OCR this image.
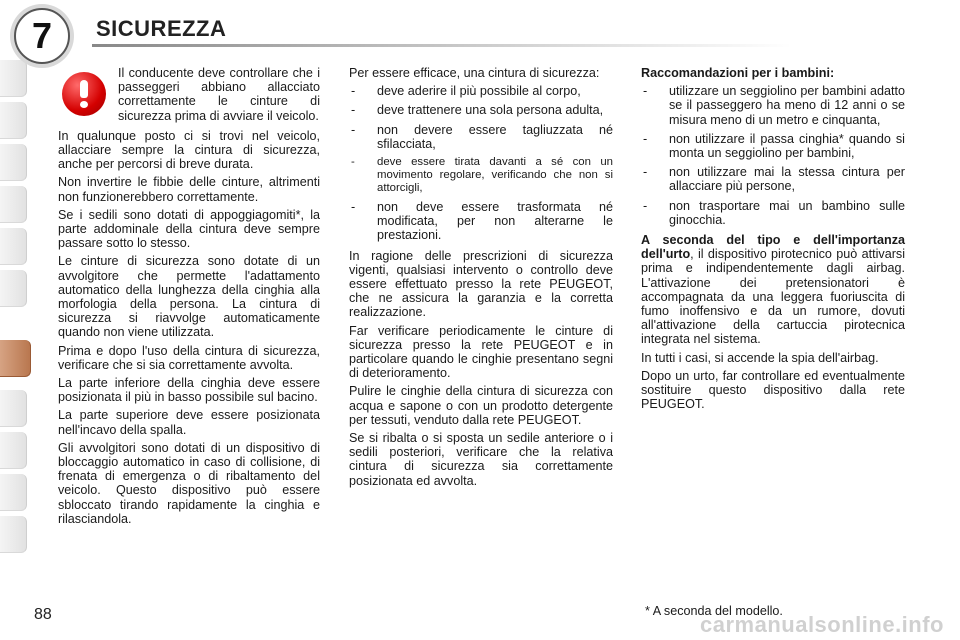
7 SICUREZZA
Il conducente deve controllare che i passeggeri abbiano allacciato correttamente le cinture di sicurezza prima di avviare il veicolo.

In qualunque posto ci si trovi nel veicolo, allacciare sempre la cintura di sicurezza, anche per percorsi di breve durata.

Non invertire le fibbie delle cinture, altrimenti non funzionerebbero correttamente.

Se i sedili sono dotati di appoggiagomiti*, la parte addominale della cintura deve sempre passare sotto lo stesso.

Le cinture di sicurezza sono dotate di un avvolgitore che permette l'adattamento automatico della lunghezza della cinghia alla morfologia della persona. La cintura di sicurezza si riavvolge automaticamente quando non viene utilizzata.

Prima e dopo l'uso della cintura di sicurezza, verificare che si sia correttamente avvolta.

La parte inferiore della cinghia deve essere posizionata il più in basso possibile sul bacino.

La parte superiore deve essere posizionata nell'incavo della spalla.

Gli avvolgitori sono dotati di un dispositivo di bloccaggio automatico in caso di collisione, di frenata di emergenza o di ribaltamento del veicolo. Questo dispositivo può essere sbloccato tirando rapidamente la cinghia e rilasciandola.

Per essere efficace, una cintura di sicurezza:

- deve aderire il più possibile al corpo,
- deve trattenere una sola persona adulta,
- non devere essere tagliuzzata né sfilacciata,
- deve essere tirata davanti a sé con un movimento regolare, verificando che non si attorcigli,
- non deve essere trasformata né modificata, per non alterarne le prestazioni.

In ragione delle prescrizioni di sicurezza vigenti, qualsiasi intervento o controllo deve essere effettuato presso la rete PEUGEOT, che ne assicura la garanzia e la corretta realizzazione.

Far verificare periodicamente le cinture di sicurezza presso la rete PEUGEOT e in particolare quando le cinghie presentano segni di deterioramento.

Pulire le cinghie della cintura di sicurezza con acqua e sapone o con un prodotto detergente per tessuti, venduto dalla rete PEUGEOT.

Se si ribalta o si sposta un sedile anteriore o i sedili posteriori, verificare che la relativa cintura di sicurezza sia correttamente posizionata ed avvolta.

Raccomandazioni per i bambini:

- utilizzare un seggiolino per bambini adatto se il passeggero ha meno di 12 anni o se misura meno di un metro e cinquanta,
- non utilizzare il passa cinghia* quando si monta un seggiolino per bambini,
- non utilizzare mai la stessa cintura per allacciare più persone,
- non trasportare mai un bambino sulle ginocchia.

A seconda del tipo e dell'importanza dell'urto, il dispositivo pirotecnico può attivarsi prima e indipendentemente dagli airbag. L'attivazione dei pretensionatori è accompagnata da una leggera fuoriuscita di fumo inoffensivo e da un rumore, dovuti all'attivazione della cartuccia pirotecnica integrata nel sistema.

In tutti i casi, si accende la spia dell'airbag.

Dopo un urto, far controllare ed eventualmente sostituire questo dispositivo dalla rete PEUGEOT.

88	* A seconda del modello.
carmanualsonline.info
